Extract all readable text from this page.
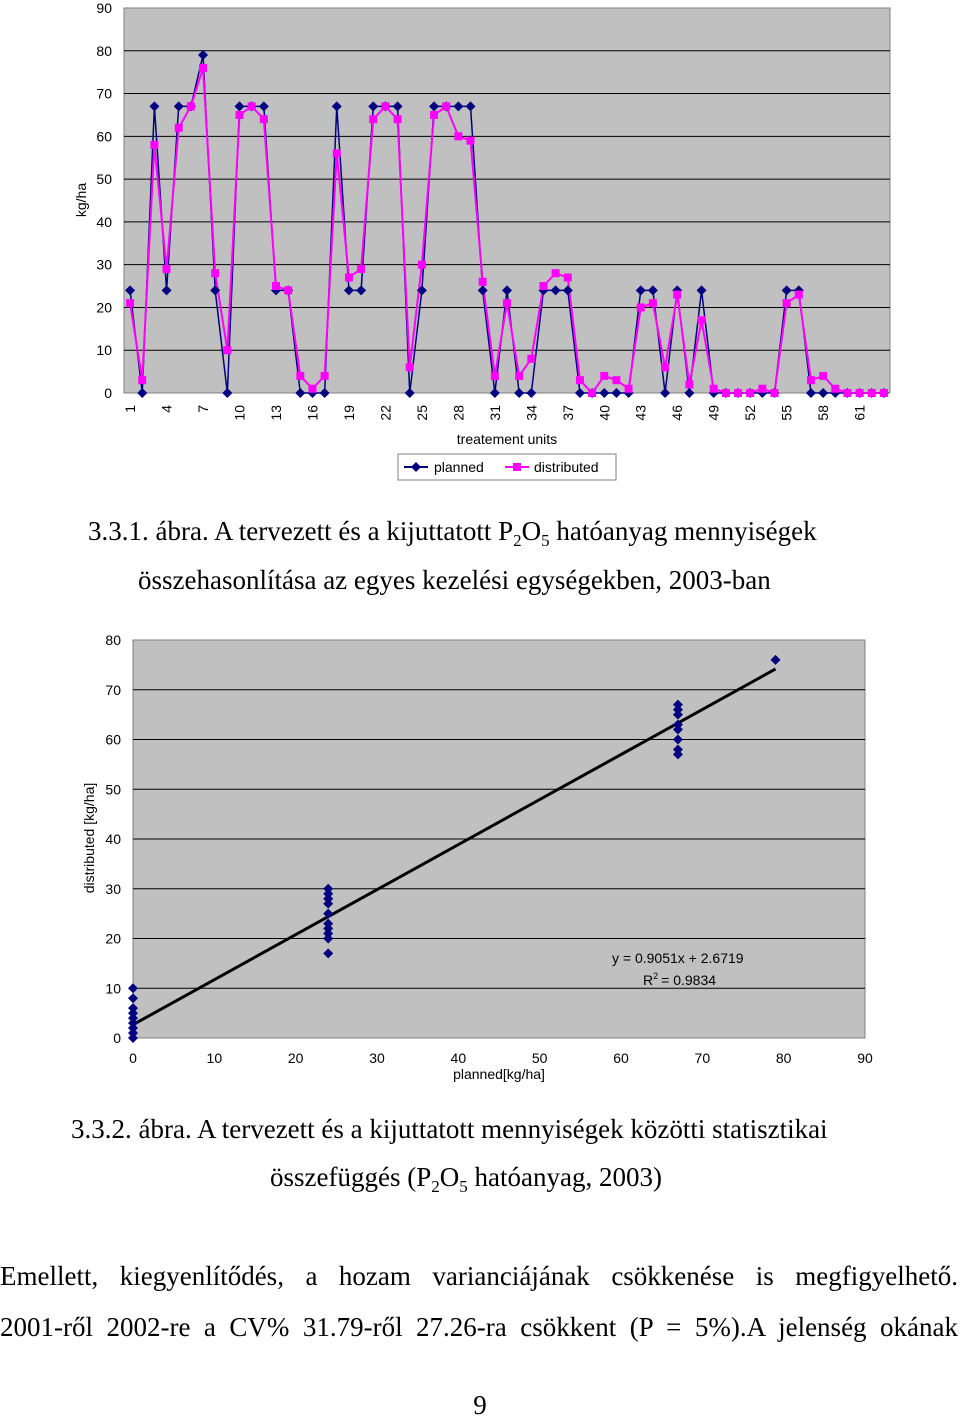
0
10
20
30
40
50
60
70
80
90
1 4 7 10 13 16 19 22 25 28 31 34 37 40 43 46 49 52 55 58 61
kg/ha
treatement units
planned	distributed
3.3.1. ábra. A tervezett és a kijuttatott $P_2O_5$ hatóanyag mennyiségek
összehasonlítása az egyes kezelési egységekben, 2003-ban
0
10
20
30
40
50
60
70
80
0	10	20	30	40	50	60	70	80	90
y = 0.9051x + 2.6719
$R^2 = 0.9834$
distributed [kg/ha]
planned[kg/ha]
3.3.2. ábra. A tervezett és a kijuttatott mennyiségek közötti statisztikai
összefüggés ($P_2O_5$ hatóanyag, 2003)
Emellett, kiegyenlítődés, a hozam varianciájának csökkenése is megfigyelhető.
2001-ről 2002-re a CV% 31.79-ről 27.26-ra csökkent (P = 5%).A jelenség okának
9
